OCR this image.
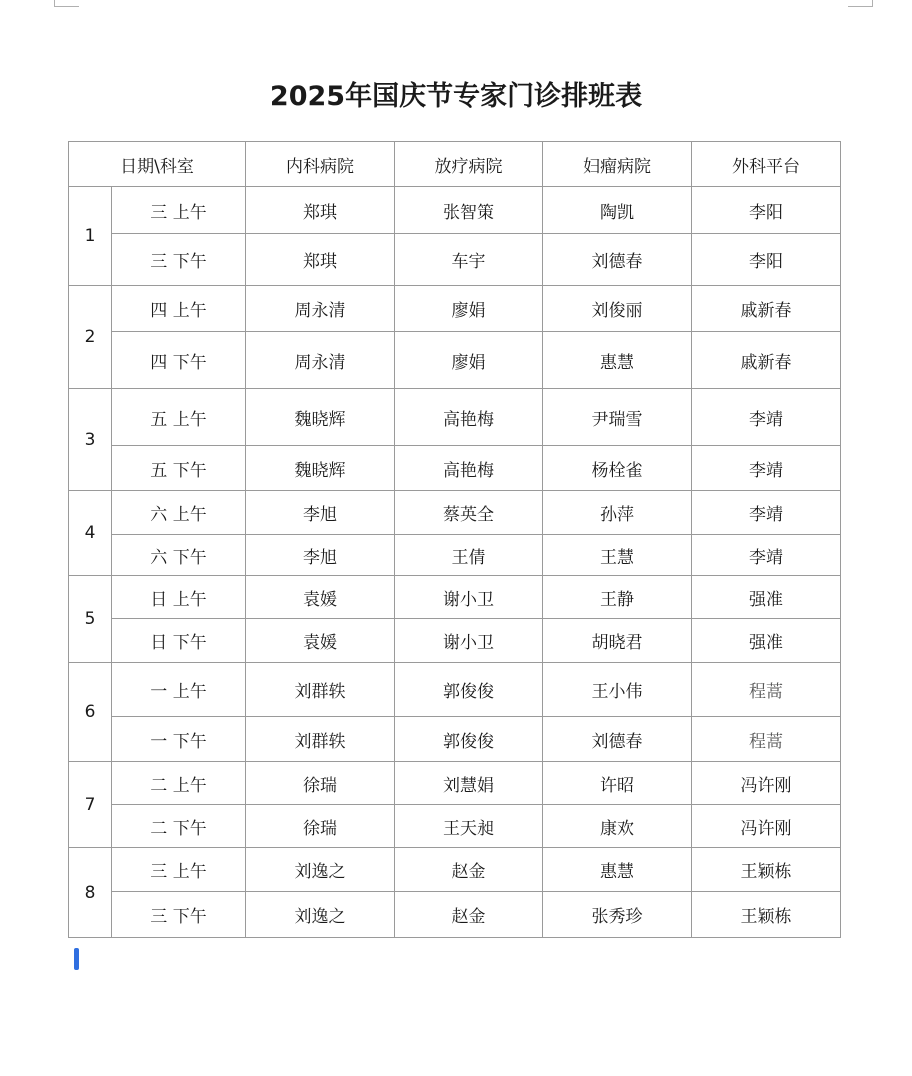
2025年国庆节专家门诊排班表
日期\科室		内科病院	放疗病院	妇瘤病院	外科平台
1	三 上午	郑琪	张智策	陶凯	李阳
	三 下午	郑琪	车宇	刘德春	李阳
2	四 上午	周永清	廖娟	刘俊丽	戚新春
	四 下午	周永清	廖娟	惠慧	戚新春
3	五 上午	魏晓辉	高艳梅	尹瑞雪	李靖
	五 下午	魏晓辉	高艳梅	杨栓雀	李靖
4	六 上午	李旭	蔡英全	孙萍	李靖
	六 下午	李旭	王倩	王慧	李靖
5	日 上午	袁媛	谢小卫	王静	强准
	日 下午	袁媛	谢小卫	胡晓君	强准
6	一 上午	刘群轶	郭俊俊	王小伟	程蒿
	一 下午	刘群轶	郭俊俊	刘德春	程蒿
7	二 上午	徐瑞	刘慧娟	许昭	冯许刚
	二 下午	徐瑞	王天昶	康欢	冯许刚
8	三 上午	刘逸之	赵金	惠慧	王颖栋
	三 下午	刘逸之	赵金	张秀珍	王颖栋
